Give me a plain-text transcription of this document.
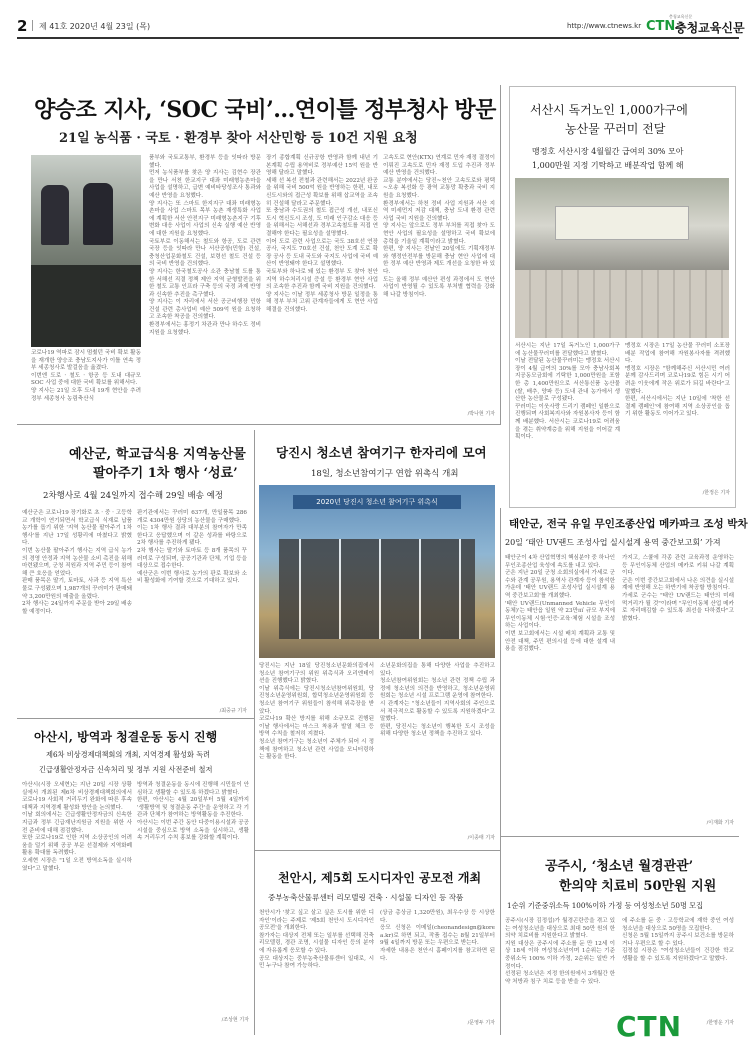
2 제 41호 2020년 4월 23일 (목)	http://www.ctnews.kr
충청교육신문
CTN 충청교육신문
양승조 지사, ‘SOC 국비’…연이틀 정부청사 방문
21일 농식품 · 국토 · 환경부 찾아 서산민항 등 10건 지원 요청
코로나19 역파로 잠시 멈췄던 국비 확보 활동을 재개한 양승조 충남도지사가 이틀 연속 정부 세종청사로 발걸음을 옮겼다.
이번엔 도로 · 철도 · 항공 등 도내 대규모 SOC 사업 중에 대한 국비 확보를 위해서다.
양 지사는 21일 오후 도내 19개 현안을 추려 정부 세종청사 농림축산식
품부와 국토교통부, 환경부 등을 잇따라 방문했다.
먼저 농식품부를 찾은 양 지사는 김현수 장관을 만나 서천 한교지구 대좌 미래형농촌마을 사업을 설명하고, 급변 예비타당성조사 통과와 예산 반영을 요청했다.
양 지사는 또 스마트 한지지구 대좌 미래형농촌마을 사업 스마트 목부 농촌 재생특화 사업에 계획한 서산 안전지구 미래형농촌지구 기후변화 대응 사업이 사업의 신속 실행 예산 반영에 대한 지원을 요청했다.
국토부로 이동해서는 철도와 항공, 도로 관련 국장 등을 잇따라 만나 서산공항(민항) 건설, 충청산업문화철도 건설, 보령선 철도 건설 등의 국비 반영을 건의했다.
양 지사는 한국철도공사 소관 충남철 도를 통한 서해선 직결 정책 제안 지역 균형발전을 위한 철도 교통 인프라 구축 등의 국정 과제 반영과 신속한 추진을 촉구했다.
양 지사는 이 자리에서 서산 공군비행장 민항 건설 관련 총사업비 예산 509억 원을 요청하고 조속한 착공을 건의했다.
환경부에서는 홍정기 차관과 만나 하수도 정비 지원을 요청했다.
장기 종합계획 신규공항 반영과 함께 내년 기본계획 수립 용역비로 정부예산 15억 원을 반영해 달라고 말했다.
세해 선 복선 전철과 관련해서는 2022년 완공을 위해 국비 500억 원을 반영하는 한편, 내포신도시와의 접근성 확보를 위해 삽교역을 조속히 건설해 달라고 주문했다.
또 충남과 수도권의 철도 접근성 개선, 내포신도시 혁신도시 조성, 도 미래 인구감소 대응 등을 위해서는 서해선과 경부고속철도를 직접 연결해야 한다는 필요성을 설명했다.
이어 도로 관련 사업으로는 국도 38호선 연장 공사, 국지도 70호선 건설, 천안 도계 도로 확장 공사 등 도내 국도와 국지도 사업에 국비 예산이 반영돼야 한다고 설명했다.
국토부와 하나로 돼 있는 환경부 도 찾아 천안지역 하수처리시설 증설 등 환경부 현안 사업의 조속한 추진과 함께 국비 지원을 건의했다.
양 지사는 이날 정부 세종청사 방문 일정을 통해 정부 부처 고위 관계자들에게 도 현안 사업 해결을 건의했다.
고속도로 현안(KTX) 연계로 민자 재정 결정이 이뤄진 고속도로 민자 재정 도입 추진과 정부 예산 반영을 건의했다.
교통 분야에서는 당진~천안 고속도로와 평택~오송 복선화 등 광역 교통망 확충과 국비 지원을 요청했다.
환경부에서는 하천 정비 사업 지원과 서산 지역 미세먼지 저감 대책, 충남 도내 환경 관련 사업 국비 지원을 건의했다.
양 지사는 앞으로도 정부 부처를 직접 찾아 도 현안 사업의 필요성을 설명하고 국비 확보에 총력을 기울일 계획이라고 밝혔다.
한편, 양 지사는 전날인 20일에도 기획재정부와 행정안전부를 방문해 충남 현안 사업에 대한 정부 예산 반영과 제도 개선을 요청한 바 있다.
도는 올해 정부 예산안 편성 과정에서 도 현안 사업이 반영될 수 있도록 부처별 협력을 강화해 나갈 방침이다.
/박나현 기자
서산시 독거노인 1,000가구에
농산물 꾸러미 전달
맹정호 서산시장 4월월간 급여의 30% 모아
1,000만원 지정 기탁하고 배분작업 함께 해
서산시는 지난 17일 독거노인 1,000가구에 농산물꾸러미를 전달했다고 밝혔다.
이날 전달된 농산물꾸러미는 맹정호 서산시장이 4월 급여의 30%를 모아 충남사회복지공동모금회에 기탁한 1,000만원을 포함한 총 1,400만원으로 서산통신품 농산물(쌀, 배추, 양파 등) 도내 관내 농가에서 생산한 농산물로 구성됐다.
꾸러미는 이웃사랑 드리기 캠페인 일환으로 진행되며 사회복지사와 자원봉사자 등이 함께 배분했다. 서산시는 코로나19로 어려움을 겪는 취약계층을 위해 지원을 이어갈 계획이다.
맹정호 시장은 17일 농산물 꾸러미 소포장 배분 작업에 참여해 자원봉사자를 격려했다.
맹정호 시장은 "함께해주신 서산시민 여러분께 감사드리며 코로나19로 힘든 시기 어려운 이웃에게 작은 위로가 되길 바란다"고 말했다.
한편, 서산시에서는 지난 10일에 '착한 선결제 캠페인'에 참여해 지역 소상공인을 돕기 위한 활동도 이어가고 있다.
/한정은 기자
예산군, 학교급식용 지역농산물
팔아주기 1차 행사 ‘성료’
2차행사로 4월 24일까지 접수해 29일 배송 예정
예산군은 코로나19 장기화로 초 · 중 · 고등학교 개학이 연기되면서 학교급식 식재료 납품 농가를 돕기 위한 '지역 농산물 팔아주기 1차 행사'를 지난 17일 성황리에 마쳤다고 밝혔다.
이번 농산물 팔아주기 행사는 지역 급식 농가의 경영 안정과 지역 농산물 소비 촉진을 위해 마련됐으며, 군청 직원과 지역 주민 등이 참여해 큰 호응을 얻었다.
판매 품목은 딸기, 토마토, 사과 등 지역 특산물로 구성됐으며 1,987개의 꾸러미가 판매돼 약 3,200만원의 매출을 올렸다.
2차 행사는 24일까지 주문을 받아 29일 배송할 예정이다.
판기관에서는 꾸러미 637개, 만일품목 286개로 4304만원 상당의 농산물을 구매했다.
이는 1차 행사 결과 대부분의 참여자가 만족한다고 응답했으며 이 같은 성과를 바탕으로 2차 행사를 추진하게 됐다.
2차 행사는 딸기와 토마토 등 8개 품목의 꾸러미로 구성되며, 공공기관과 단체, 기업 등을 대상으로 접수한다.
예산군은 이번 행사로 농가의 판로 확보와 소비 활성화에 기여할 것으로 기대하고 있다.
/최중규 기자
당진시 청소년 참여기구 한자리에 모여
18일, 청소년참여기구 연합 위촉식 개최
2020년 당진시 청소년 참여기구 위촉식
당진시는 지난 18일 당진청소년문화의집에서 청소년 참여기구의 위원 위촉식과 오리엔테이션을 진행했다고 밝혔다.
이날 위촉식에는 당진시청소년참여위원회, 당진청소년운영위원회, 합덕청소년운영위원회 등 청소년 참여기구 위원들이 참석해 위촉장을 받았다.
코로나19 확산 방지를 위해 소규모로 진행된 이날 행사에서는 마스크 착용과 발열 체크 등 방역 수칙을 철저히 지켰다.
청소년 참여기구는 청소년이 주체가 되어 시 정책에 참여하고 청소년 관련 사업을 모니터링하는 활동을 한다.
소년문화의집을 통해 다양한 사업을 추진하고 있다.
청소년참여위원회는 청소년 관련 정책 수립 과정에 청소년의 의견을 반영하고, 청소년운영위원회는 청소년 시설 프로그램 운영에 참여한다.
시 관계자는 "청소년들이 지역사회의 주인으로서 적극적으로 활동할 수 있도록 지원하겠다"고 말했다.
한편, 당진시는 청소년이 행복한 도시 조성을 위해 다양한 청소년 정책을 추진하고 있다.
/이종태 기자
태안군, 전국 유일 무인조종산업 메카파크 조성 박차
20일 ‘태안 UV랜드 조성사업 실시설계 용역 중간보고회’ 가져
태안군이 4차 산업혁명의 핵심분야 중 하나인 무인조종산업 육성에 속도를 내고 있다.
군은 지난 20일 군청 소회의실에서 가세로 군수와 관계 공무원, 용역사 관계자 등이 참석한 가운데 '태안 UV랜드 조성사업 실시설계 용역 중간보고회'를 개최했다.
'태안 UV랜드(Unmanned Vehicle 무인이동체)'는 태안읍 일원 약 23만㎡ 규모 부지에 무인이동체 시험·인증·교육·체험 시설을 조성하는 사업이다.
이번 보고회에서는 시설 배치 계획과 교통 및 안전 대책, 주민 편의시설 등에 대한 설계 내용을 점검했다.
가지고, 스쿨에 각종 관련 교육과정 운영하는 등 무인이동체 산업의 메카로 키워 나갈 계획이다.
군은 이번 중간보고회에서 나온 의견을 실시설계에 반영해 오는 하반기에 착공할 방침이다.
가세로 군수는 "태안 UV랜드는 태안의 미래 먹거리가 될 것"이라며 "무인이동체 산업 메카로 자리매김할 수 있도록 최선을 다하겠다"고 밝혔다.
/이재화 기자
아산시, 방역과 청결운동 동시 진행
제6차 비상경제대책회의 개최, 지역경제 활성화 독려
긴급생활안정자금 신속처리 및 정부 지원 사전준비 철저
아산시(시장 오세현)는 지난 20일 시장 상황실에서 개최된 제6차 비상경제대책회의에서 코로나19 사회적 거리두기 완화에 따른 후속 대책과 지역경제 활성화 방안을 논의했다.
이날 회의에서는 긴급생활안정자금의 신속한 지급과 정부 긴급재난지원금 지원을 위한 사전 준비에 대해 점검했다.
또한 코로나19로 인한 지역 소상공인의 어려움을 덜기 위해 공공 부문 선결제와 지역화폐 활용 확대를 독려했다.
오세현 시장은 "1일 오전 방역소독을 실시하였다"고 말했다.
방역과 청결운동을 동시에 진행해 시민들이 안심하고 생활할 수 있도록 하겠다고 밝혔다.
한편, 아산시는 4월 20일부터 5월 4일까지 '생활방역 및 청결운동 주간'을 운영하고 각 기관과 단체가 참여하는 방역활동을 추진한다.
아산시는 이번 주간 동안 다중이용시설과 공공시설을 중심으로 방역 소독을 실시하고, 생활 속 거리두기 수칙 홍보를 강화할 계획이다.
/조상현 기자
천안시, 제5회 도시디자인 공모전 개최
중부농축산물류센터 리모델링 건축 · 시설물 디자인 등 작품
천안시가 '찾고 싶고 살고 싶은 도시를 위한 디자인'이라는 주제로 '제5회 천안시 도시디자인 공모전'을 개최한다.
참가자는 대상지 전체 또는 일부를 선택해 건축 리모델링, 경관 조명, 시설물 디자인 등의 분야에 자유롭게 응모할 수 있다.
공모 대상지는 중부농축산물류센터 일대로, 시민 누구나 참여 가능하다.
(상금 총상금 1,320만원), 최우수상 등 시상한다.
응모 신청은 이메일(cheonandesign@korea.kr)로 하면 되고, 작품 접수는 8월 21일부터 9월 4일까지 방문 또는 우편으로 받는다.
자세한 내용은 천안시 홈페이지를 참고하면 된다.
/문영두 기자
공주시, ‘청소년 월경관관’
한의약 치료비 50만원 지원
1순위 기준중위소득 100%이하 가정 등 여성청소년 50명 모집
공주시(시장 김정섭)가 월경곤란증을 겪고 있는 여성청소년을 대상으로 최대 50만 원의 한의약 치료비를 지원한다고 밝혔다.
지원 대상은 공주시에 주소를 둔 만 12세 이상 18세 이하 여성청소년이며 1순위는 기준중위소득 100% 이하 가정, 2순위는 일반 가정이다.
선정된 청소년은 지정 한의원에서 3개월간 한약 처방과 침구 치료 등을 받을 수 있다.
에 주소를 둔 중 · 고등학교에 재학 중인 여성청소년을 대상으로 50명을 모집한다.
신청은 5월 15일까지 공주시 보건소를 방문하거나 우편으로 할 수 있다.
김정섭 시장은 "여성청소년들이 건강한 학교생활을 할 수 있도록 지원하겠다"고 말했다.
/한영운 기자
CTN
